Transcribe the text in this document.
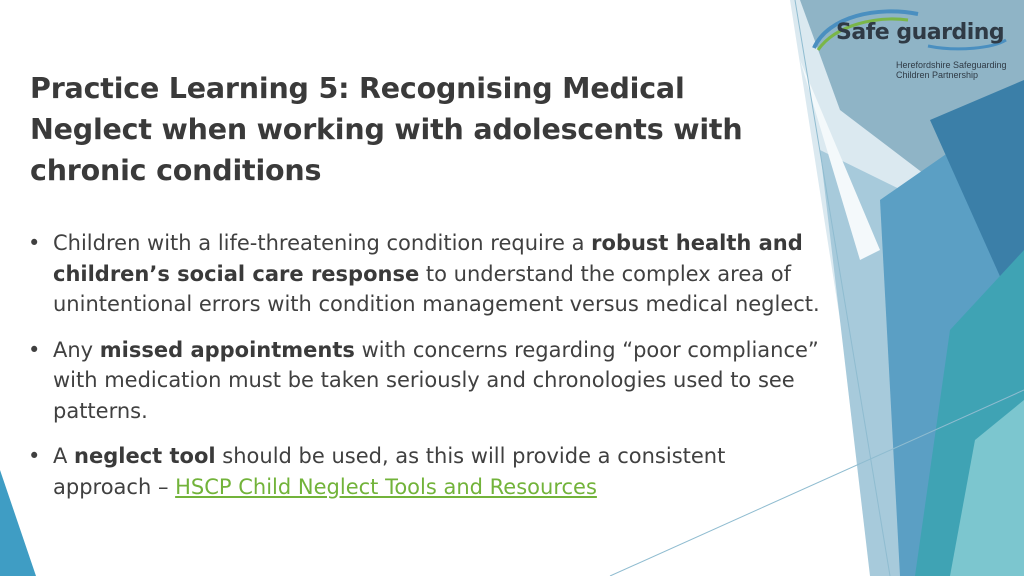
Safe guarding
Herefordshire Safeguarding
Children Partnership
Practice Learning 5: Recognising Medical Neglect when working with adolescents with chronic conditions
• Children with a life-threatening condition require a robust health and children’s social care response to understand the complex area of unintentional errors with condition management versus medical neglect.
• Any missed appointments with concerns regarding “poor compliance” with medication must be taken seriously and chronologies used to see patterns.
• A neglect tool should be used, as this will provide a consistent approach – HSCP Child Neglect Tools and Resources
